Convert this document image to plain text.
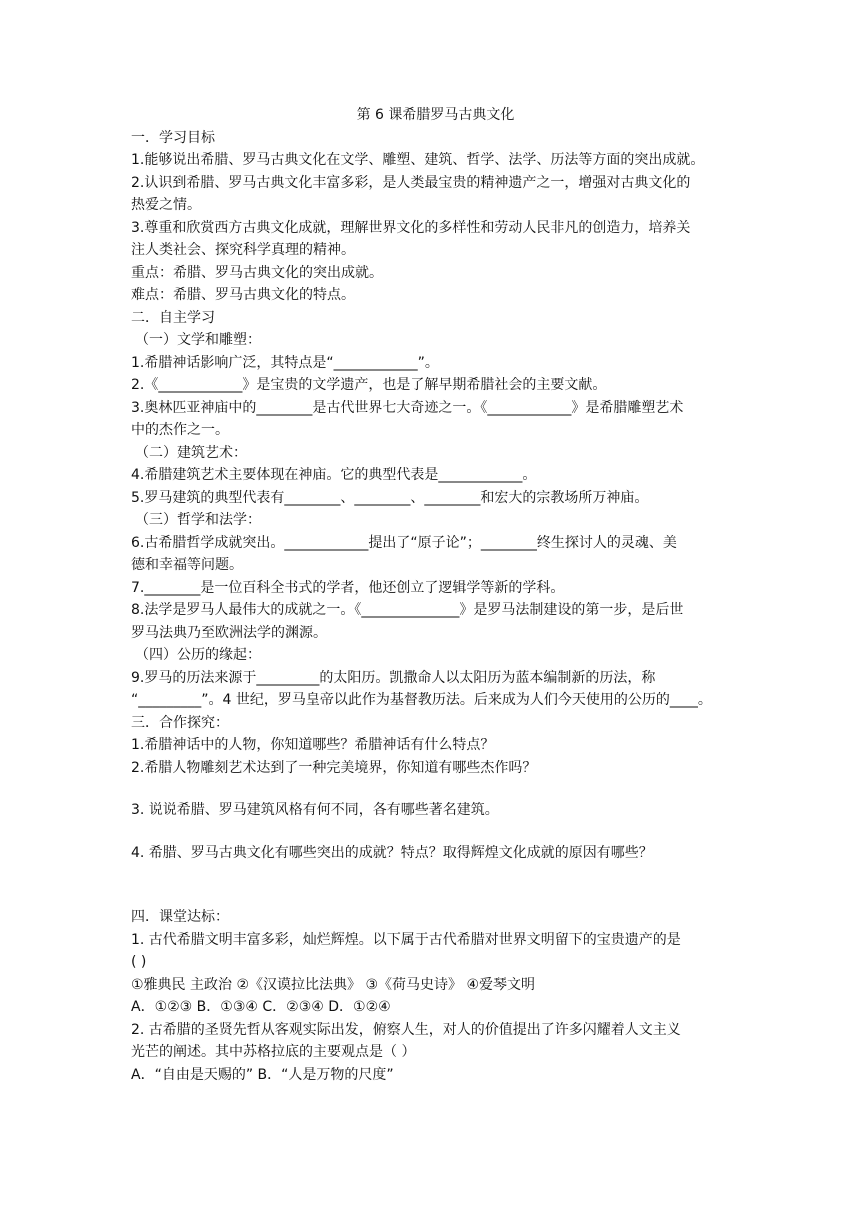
第 6 课希腊罗马古典文化
一．学习目标
1.能够说出希腊、罗马古典文化在文学、雕塑、建筑、哲学、法学、历法等方面的突出成就。
2.认识到希腊、罗马古典文化丰富多彩，是人类最宝贵的精神遗产之一，增强对古典文化的
热爱之情。
3.尊重和欣赏西方古典文化成就，理解世界文化的多样性和劳动人民非凡的创造力，培养关
注人类社会、探究科学真理的精神。
重点：希腊、罗马古典文化的突出成就。
难点：希腊、罗马古典文化的特点。
二．自主学习
（一）文学和雕塑：
1.希腊神话影响广泛，其特点是“____________”。
2.《____________》是宝贵的文学遗产，也是了解早期希腊社会的主要文献。
3.奥林匹亚神庙中的________是古代世界七大奇迹之一。《____________》是希腊雕塑艺术
中的杰作之一。
（二）建筑艺术：
4.希腊建筑艺术主要体现在神庙。它的典型代表是____________。
5.罗马建筑的典型代表有________、________、________和宏大的宗教场所万神庙。
（三）哲学和法学：
6.古希腊哲学成就突出。____________提出了“原子论”；________终生探讨人的灵魂、美
德和幸福等问题。
7.________是一位百科全书式的学者，他还创立了逻辑学等新的学科。
8.法学是罗马人最伟大的成就之一。《______________》是罗马法制建设的第一步，是后世
罗马法典乃至欧洲法学的渊源。
（四）公历的缘起：
9.罗马的历法来源于_________的太阳历。凯撒命人以太阳历为蓝本编制新的历法，称
“_________”。4 世纪，罗马皇帝以此作为基督教历法。后来成为人们今天使用的公历的____。
三．合作探究：
1.希腊神话中的人物，你知道哪些？希腊神话有什么特点？
2.希腊人物雕刻艺术达到了一种完美境界，你知道有哪些杰作吗？
3. 说说希腊、罗马建筑风格有何不同，各有哪些著名建筑。
4. 希腊、罗马古典文化有哪些突出的成就？特点？取得辉煌文化成就的原因有哪些？
四．课堂达标：
1. 古代希腊文明丰富多彩，灿烂辉煌。以下属于古代希腊对世界文明留下的宝贵遗产的是
( )
①雅典民 主政治 ②《汉谟拉比法典》 ③《荷马史诗》 ④爱琴文明
A．①②③ B．①③④ C．②③④ D．①②④
2. 古希腊的圣贤先哲从客观实际出发，俯察人生，对人的价值提出了许多闪耀着人文主义
光芒的阐述。其中苏格拉底的主要观点是（ ）
A．“自由是天赐的” B．“人是万物的尺度”
